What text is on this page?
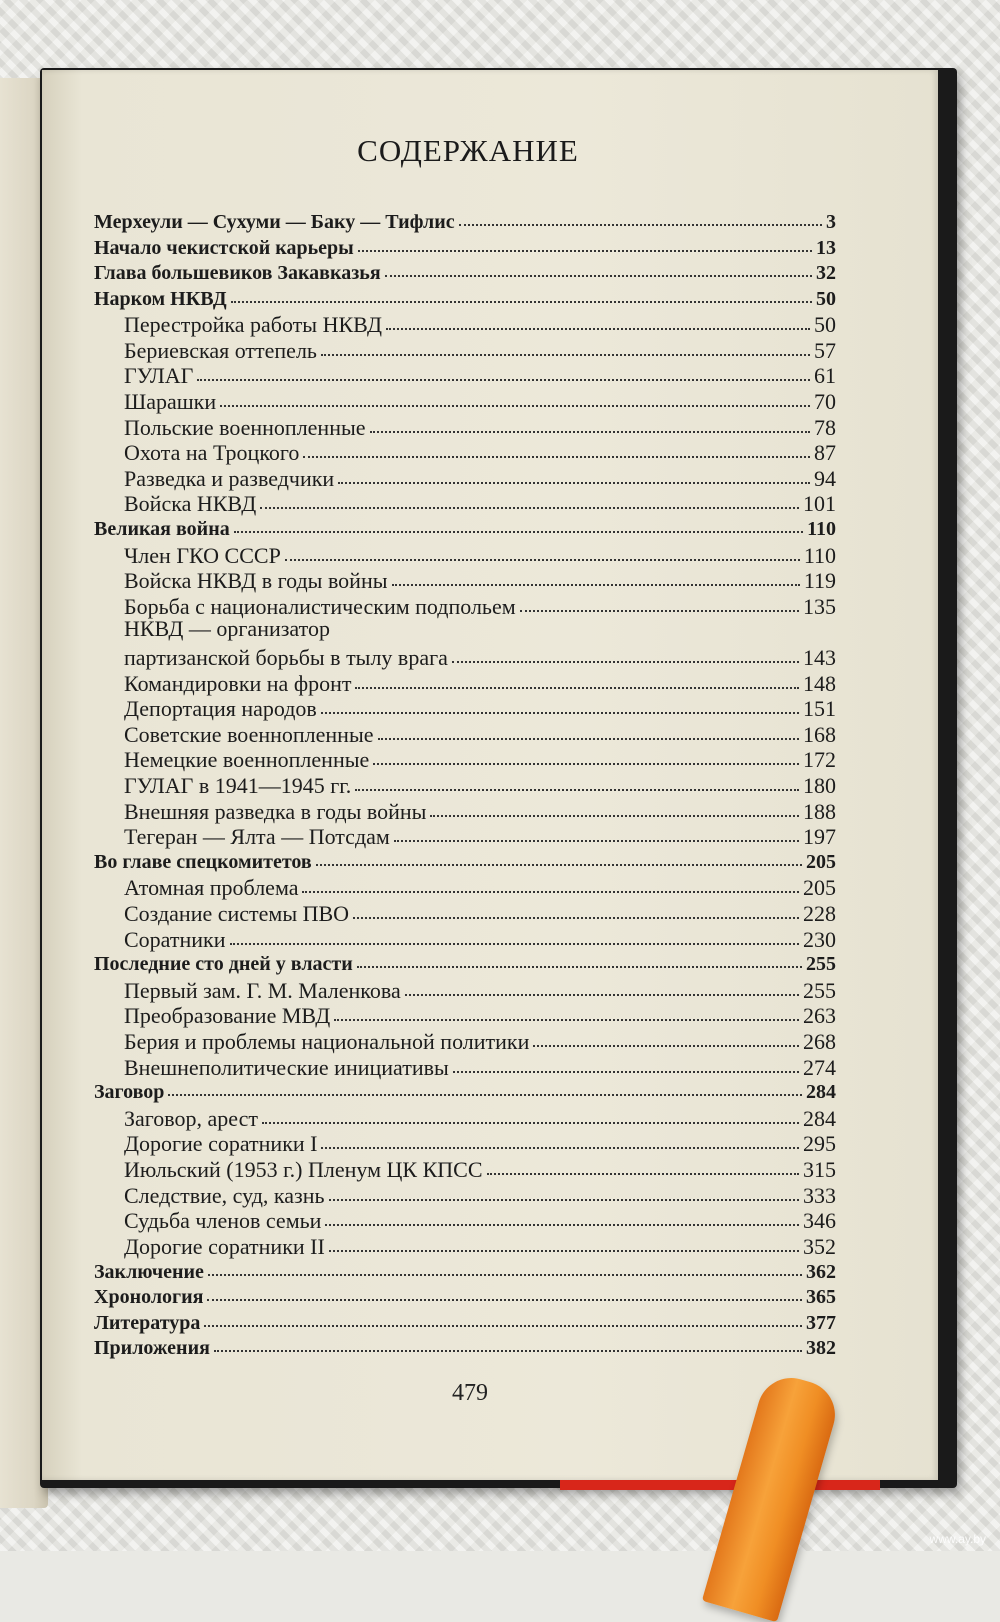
СОДЕРЖАНИЕ
Мерхеули — Сухуми — Баку — Тифлис	3
Начало чекистской карьеры	13
Глава большевиков Закавказья	32
Нарком НКВД	50
Перестройка работы НКВД	50
Бериевская оттепель	57
ГУЛАГ	61
Шарашки	70
Польские военнопленные	78
Охота на Троцкого	87
Разведка и разведчики	94
Войска НКВД	101
Великая война	110
Член ГКО СССР	110
Войска НКВД в годы войны	119
Борьба с националистическим подпольем	135
НКВД — организатор
партизанской борьбы в тылу врага	143
Командировки на фронт	148
Депортация народов	151
Советские военнопленные	168
Немецкие военнопленные	172
ГУЛАГ в 1941—1945 гг.	180
Внешняя разведка в годы войны	188
Тегеран — Ялта — Потсдам	197
Во главе спецкомитетов	205
Атомная проблема	205
Создание системы ПВО	228
Соратники	230
Последние сто дней у власти	255
Первый зам. Г. М. Маленкова	255
Преобразование МВД	263
Берия и проблемы национальной политики	268
Внешнеполитические инициативы	274
Заговор	284
Заговор, арест	284
Дорогие соратники I	295
Июльский (1953 г.) Пленум ЦК КПСС	315
Следствие, суд, казнь	333
Судьба членов семьи	346
Дорогие соратники II	352
Заключение	362
Хронология	365
Литература	377
Приложения	382
479
www.ay.by
